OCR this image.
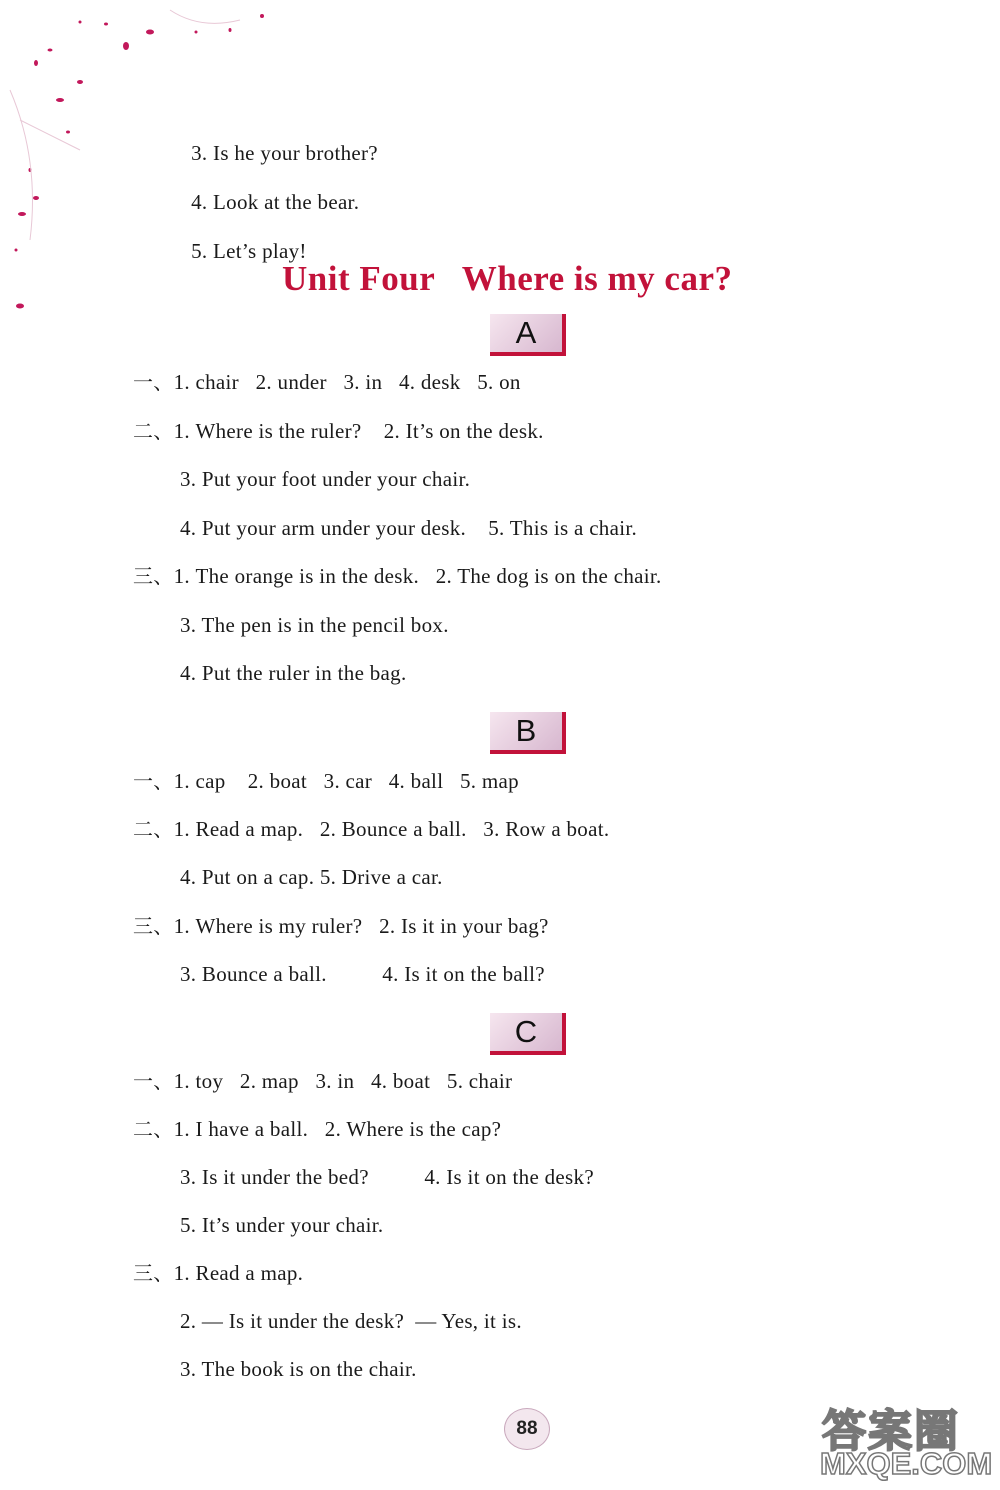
3. Is he your brother?

4. Look at the bear.

5. Let’s play!

Unit Four   Where is my car?
A
一、1. chair   2. under   3. in   4. desk   5. on
二、1. Where is the ruler?    2. It’s on the desk.
3. Put your foot under your chair.
4. Put your arm under your desk.    5. This is a chair.
三、1. The orange is in the desk.   2. The dog is on the chair.
3. The pen is in the pencil box.
4. Put the ruler in the bag.
B
一、1. cap    2. boat   3. car   4. ball   5. map
二、1. Read a map.   2. Bounce a ball.   3. Row a boat.
4. Put on a cap. 5. Drive a car.
三、1. Where is my ruler?   2. Is it in your bag?
3. Bounce a ball.          4. Is it on the ball?
C
一、1. toy   2. map   3. in   4. boat   5. chair
二、1. I have a ball.   2. Where is the cap?
3. Is it under the bed?          4. Is it on the desk?
5. It’s under your chair.
三、1. Read a map.
2. — Is it under the desk?  — Yes, it is.
3. The book is on the chair.
88	答案圈
MXQE.COM
